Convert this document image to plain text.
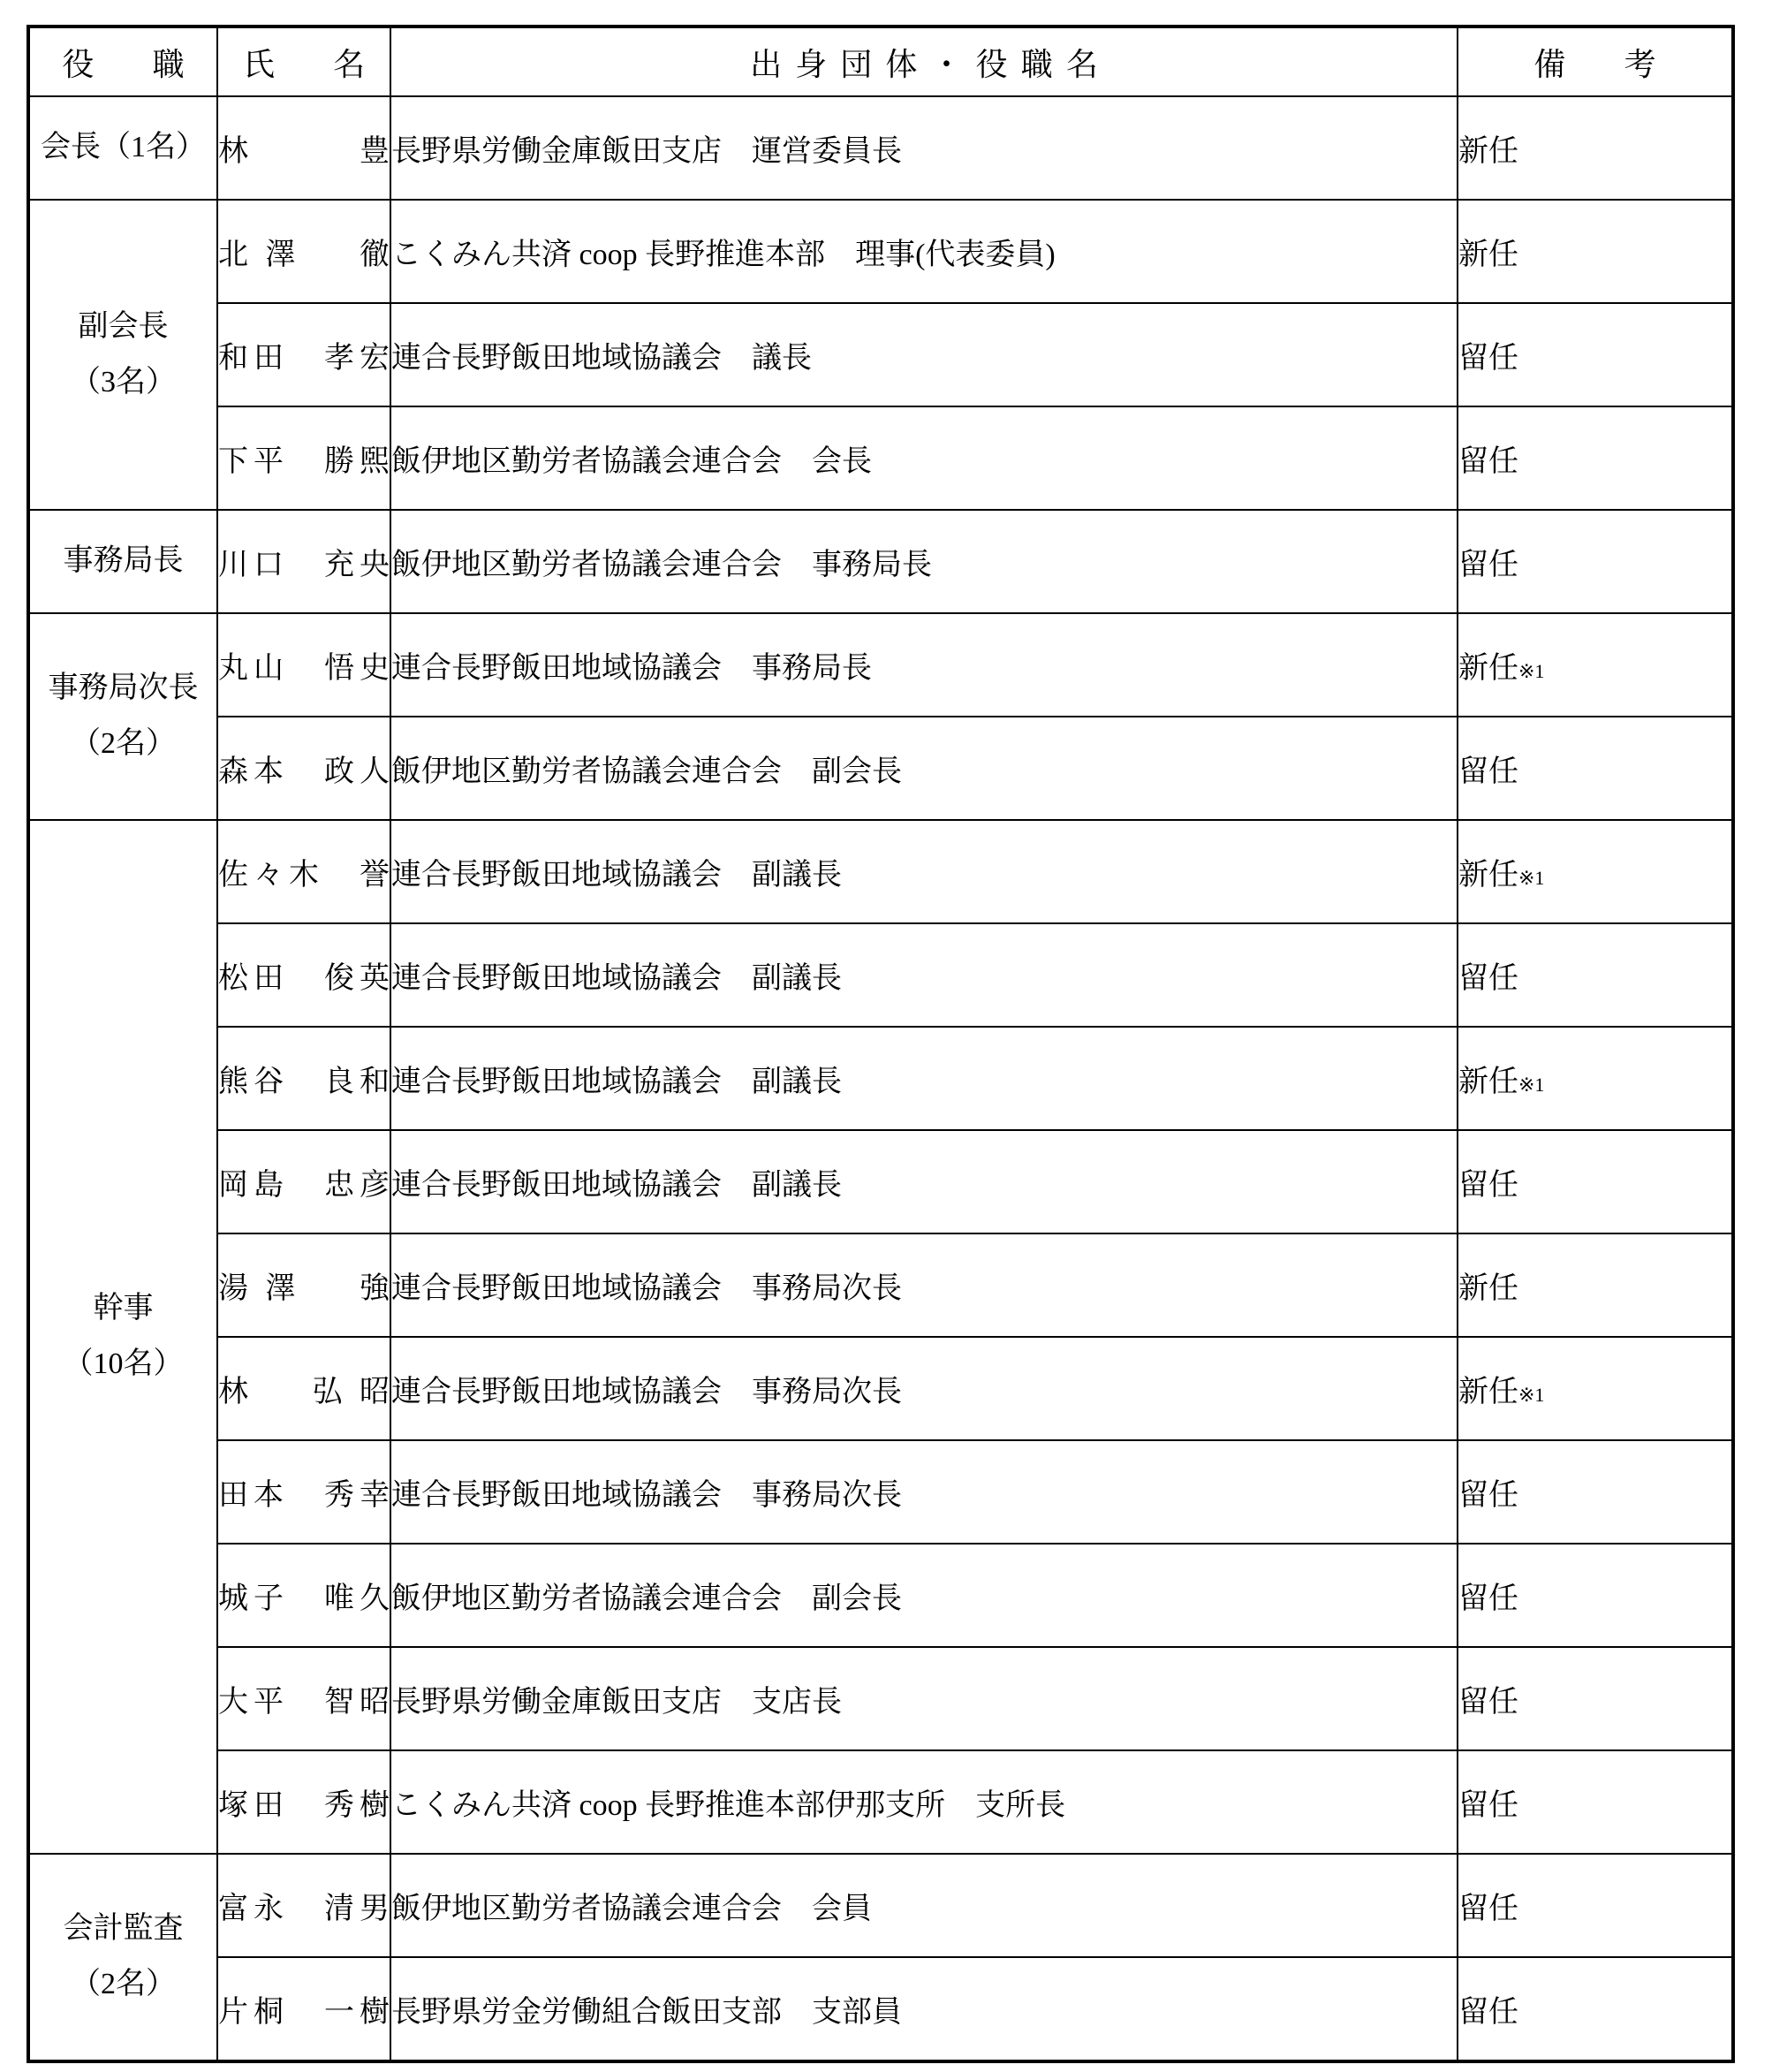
役　職	氏　名	出身団体・役職名	備　考

会長（1名）	林　豊	長野県労働金庫飯田支店　運営委員長	新任

副会長
（3名）	北澤　徹	こくみん共済 coop 長野推進本部　理事(代表委員)	新任

	和田　孝宏	連合長野飯田地域協議会　議長	留任

	下平　勝煕	飯伊地区勤労者協議会連合会　会長	留任

事務局長	川口　充央	飯伊地区勤労者協議会連合会　事務局長	留任

事務局次長
（2名）	丸山　悟史	連合長野飯田地域協議会　事務局長	新任※1

	森本　政人	飯伊地区勤労者協議会連合会　副会長	留任

幹事
（10名）	佐々木　誉	連合長野飯田地域協議会　副議長	新任※1

	松田　俊英	連合長野飯田地域協議会　副議長	留任

	熊谷　良和	連合長野飯田地域協議会　副議長	新任※1

	岡島　忠彦	連合長野飯田地域協議会　副議長	留任

	湯澤　強	連合長野飯田地域協議会　事務局次長	新任

	林　弘昭	連合長野飯田地域協議会　事務局次長	新任※1

	田本　秀幸	連合長野飯田地域協議会　事務局次長	留任

	城子　唯久	飯伊地区勤労者協議会連合会　副会長	留任

	大平　智昭	長野県労働金庫飯田支店　支店長	留任

	塚田　秀樹	こくみん共済 coop 長野推進本部伊那支所　支所長	留任

会計監査
（2名）	富永　清男	飯伊地区勤労者協議会連合会　会員	留任

	片桐　一樹	長野県労金労働組合飯田支部　支部員	留任
